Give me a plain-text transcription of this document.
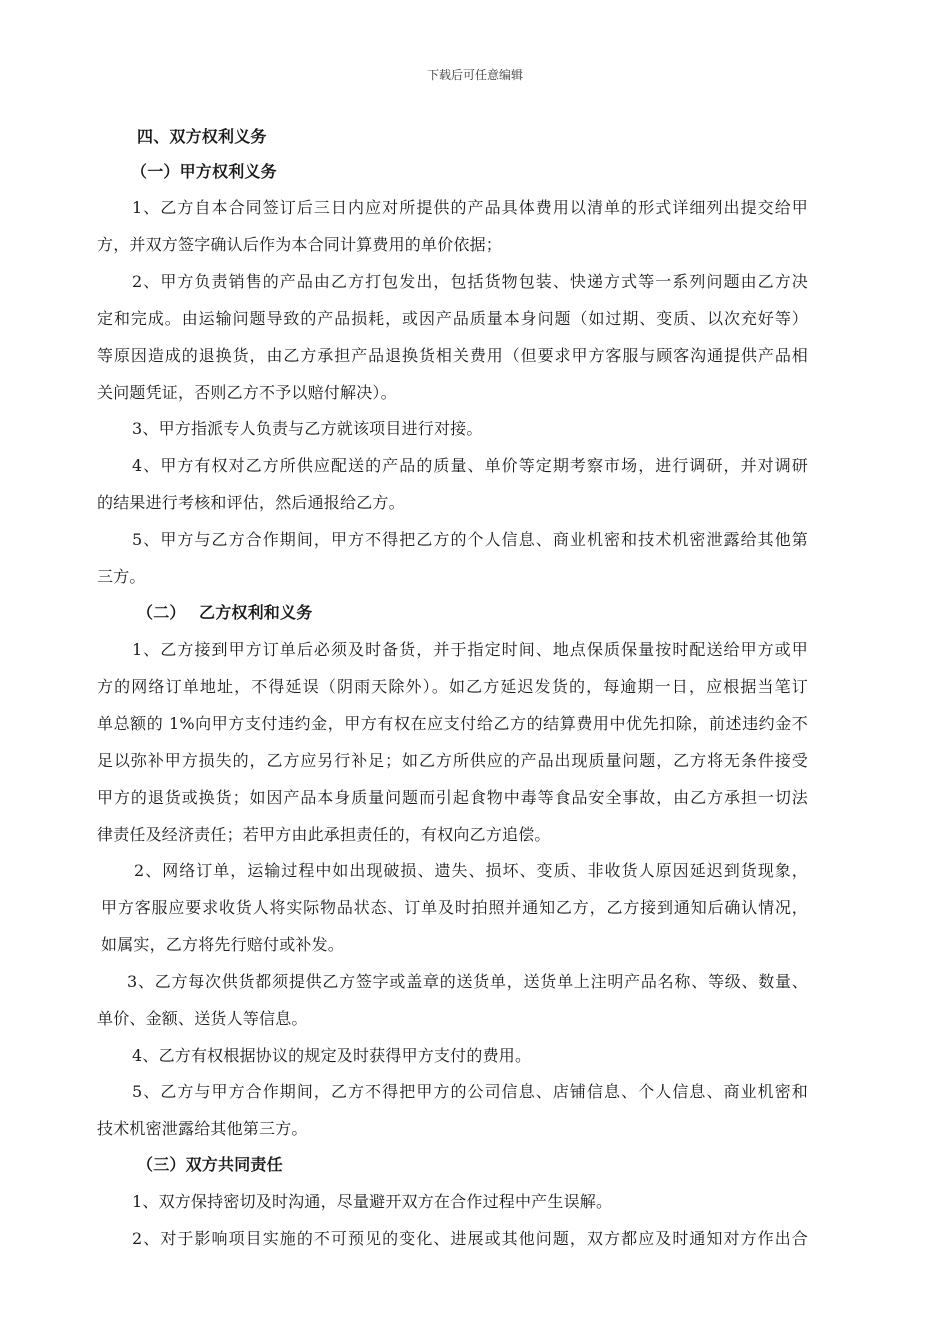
下载后可任意编辑
四、双方权利义务
（一）甲方权利义务
1、乙方自本合同签订后三日内应对所提供的产品具体费用以清单的形式详细列出提交给甲
方，并双方签字确认后作为本合同计算费用的单价依据；
2、甲方负责销售的产品由乙方打包发出，包括货物包装、快递方式等一系列问题由乙方决
定和完成。由运输问题导致的产品损耗，或因产品质量本身问题（如过期、变质、以次充好等）
等原因造成的退换货，由乙方承担产品退换货相关费用（但要求甲方客服与顾客沟通提供产品相
关问题凭证，否则乙方不予以赔付解决）。
3、甲方指派专人负责与乙方就该项目进行对接。
4、甲方有权对乙方所供应配送的产品的质量、单价等定期考察市场，进行调研，并对调研
的结果进行考核和评估，然后通报给乙方。
5、甲方与乙方合作期间，甲方不得把乙方的个人信息、商业机密和技术机密泄露给其他第
三方。
（二） 乙方权利和义务
1、乙方接到甲方订单后必须及时备货，并于指定时间、地点保质保量按时配送给甲方或甲
方的网络订单地址，不得延误（阴雨天除外）。如乙方延迟发货的，每逾期一日，应根据当笔订
单总额的 1%向甲方支付违约金，甲方有权在应支付给乙方的结算费用中优先扣除，前述违约金不
足以弥补甲方损失的，乙方应另行补足；如乙方所供应的产品出现质量问题，乙方将无条件接受
甲方的退货或换货；如因产品本身质量问题而引起食物中毒等食品安全事故，由乙方承担一切法
律责任及经济责任；若甲方由此承担责任的，有权向乙方追偿。
2、网络订单，运输过程中如出现破损、遗失、损坏、变质、非收货人原因延迟到货现象，
甲方客服应要求收货人将实际物品状态、订单及时拍照并通知乙方，乙方接到通知后确认情况，
如属实，乙方将先行赔付或补发。
3、乙方每次供货都须提供乙方签字或盖章的送货单，送货单上注明产品名称、等级、数量、
单价、金额、送货人等信息。
4、乙方有权根据协议的规定及时获得甲方支付的费用。
5、乙方与甲方合作期间，乙方不得把甲方的公司信息、店铺信息、个人信息、商业机密和
技术机密泄露给其他第三方。
（三）双方共同责任
1、双方保持密切及时沟通，尽量避开双方在合作过程中产生误解。
2、对于影响项目实施的不可预见的变化、进展或其他问题，双方都应及时通知对方作出合
